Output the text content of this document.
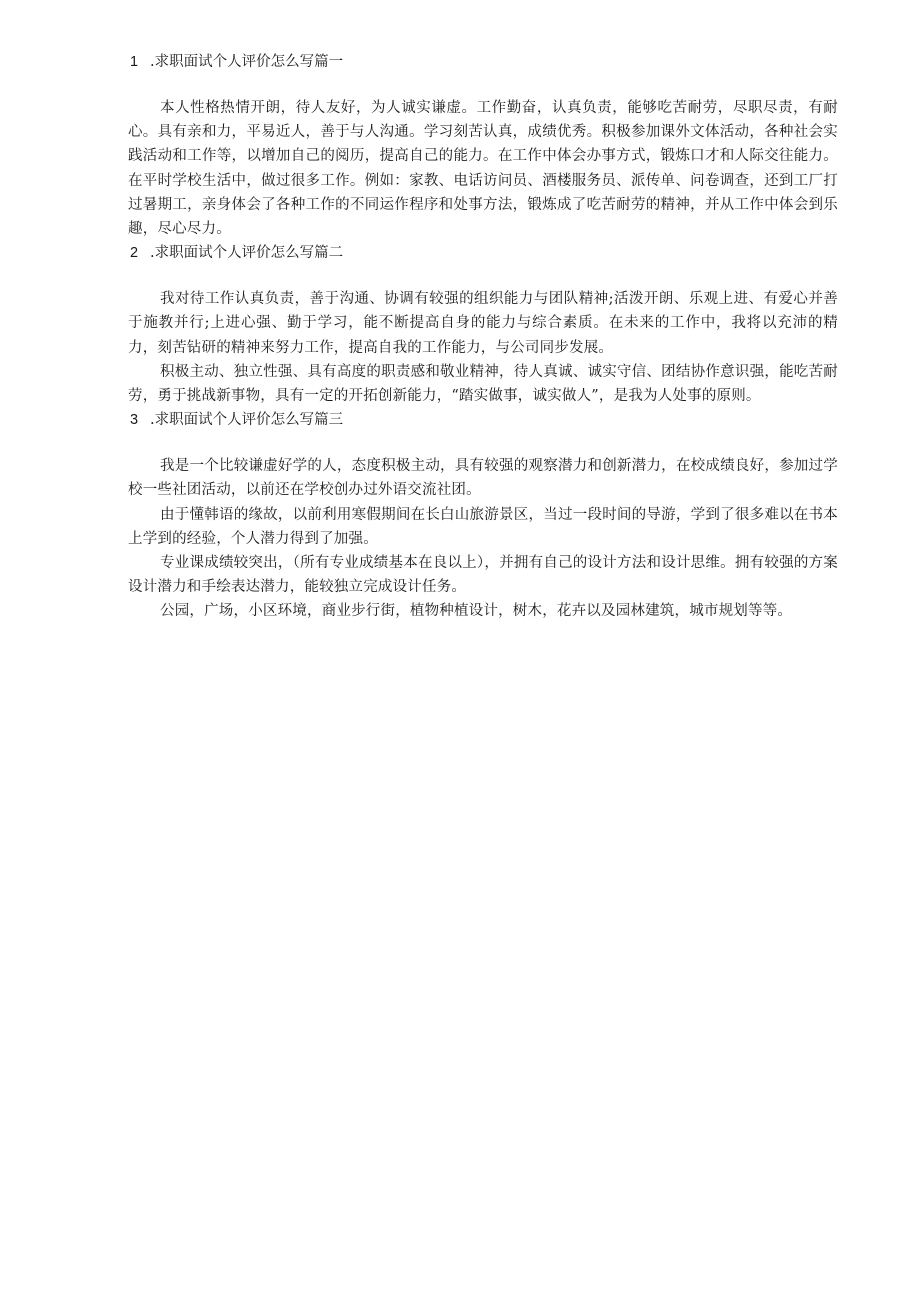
1 .求职面试个人评价怎么写篇一

本人性格热情开朗，待人友好，为人诚实谦虚。工作勤奋，认真负责，能够吃苦耐劳，尽职尽责，有耐心。具有亲和力，平易近人，善于与人沟通。学习刻苦认真，成绩优秀。积极参加课外文体活动，各种社会实践活动和工作等，以增加自己的阅历，提高自己的能力。在工作中体会办事方式，锻炼口才和人际交往能力。在平时学校生活中，做过很多工作。例如：家教、电话访问员、酒楼服务员、派传单、问卷调查，还到工厂打过暑期工，亲身体会了各种工作的不同运作程序和处事方法，锻炼成了吃苦耐劳的精神，并从工作中体会到乐趣，尽心尽力。

2 .求职面试个人评价怎么写篇二

我对待工作认真负责，善于沟通、协调有较强的组织能力与团队精神;活泼开朗、乐观上进、有爱心并善于施教并行;上进心强、勤于学习，能不断提高自身的能力与综合素质。在未来的工作中，我将以充沛的精力，刻苦钻研的精神来努力工作，提高自我的工作能力，与公司同步发展。

积极主动、独立性强、具有高度的职责感和敬业精神，待人真诚、诚实守信、团结协作意识强，能吃苦耐劳，勇于挑战新事物，具有一定的开拓创新能力，“踏实做事，诚实做人”，是我为人处事的原则。

3 .求职面试个人评价怎么写篇三

我是一个比较谦虚好学的人，态度积极主动，具有较强的观察潜力和创新潜力，在校成绩良好，参加过学校一些社团活动，以前还在学校创办过外语交流社团。

由于懂韩语的缘故，以前利用寒假期间在长白山旅游景区，当过一段时间的导游，学到了很多难以在书本上学到的经验，个人潜力得到了加强。

专业课成绩较突出，（所有专业成绩基本在良以上），并拥有自己的设计方法和设计思维。拥有较强的方案设计潜力和手绘表达潜力，能较独立完成设计任务。

公园，广场，小区环境，商业步行街，植物种植设计，树木，花卉以及园林建筑，城市规划等等。
